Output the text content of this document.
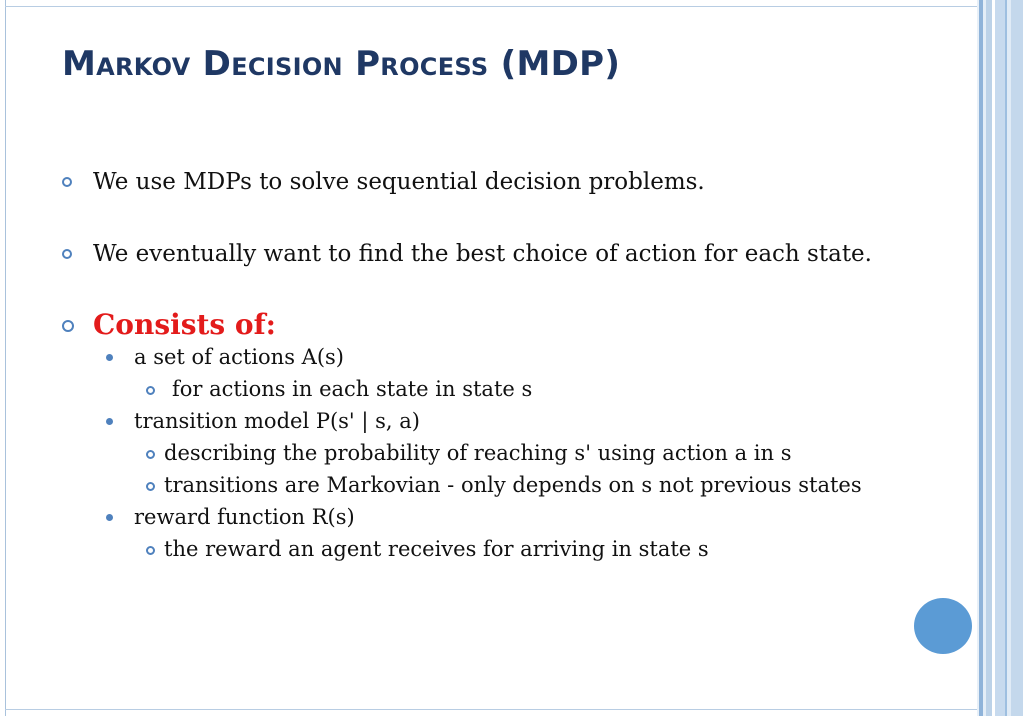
Markov Decision Process (MDP)
We use MDPs to solve sequential decision problems.
We eventually want to find the best choice of action for each state.
Consists of:
a set of actions A(s)
for actions in each state in state s
transition model P(s' | s, a)
describing the probability of reaching s' using action a in s
transitions are Markovian - only depends on s not previous states
reward function R(s)
the reward an agent receives for arriving in state s
